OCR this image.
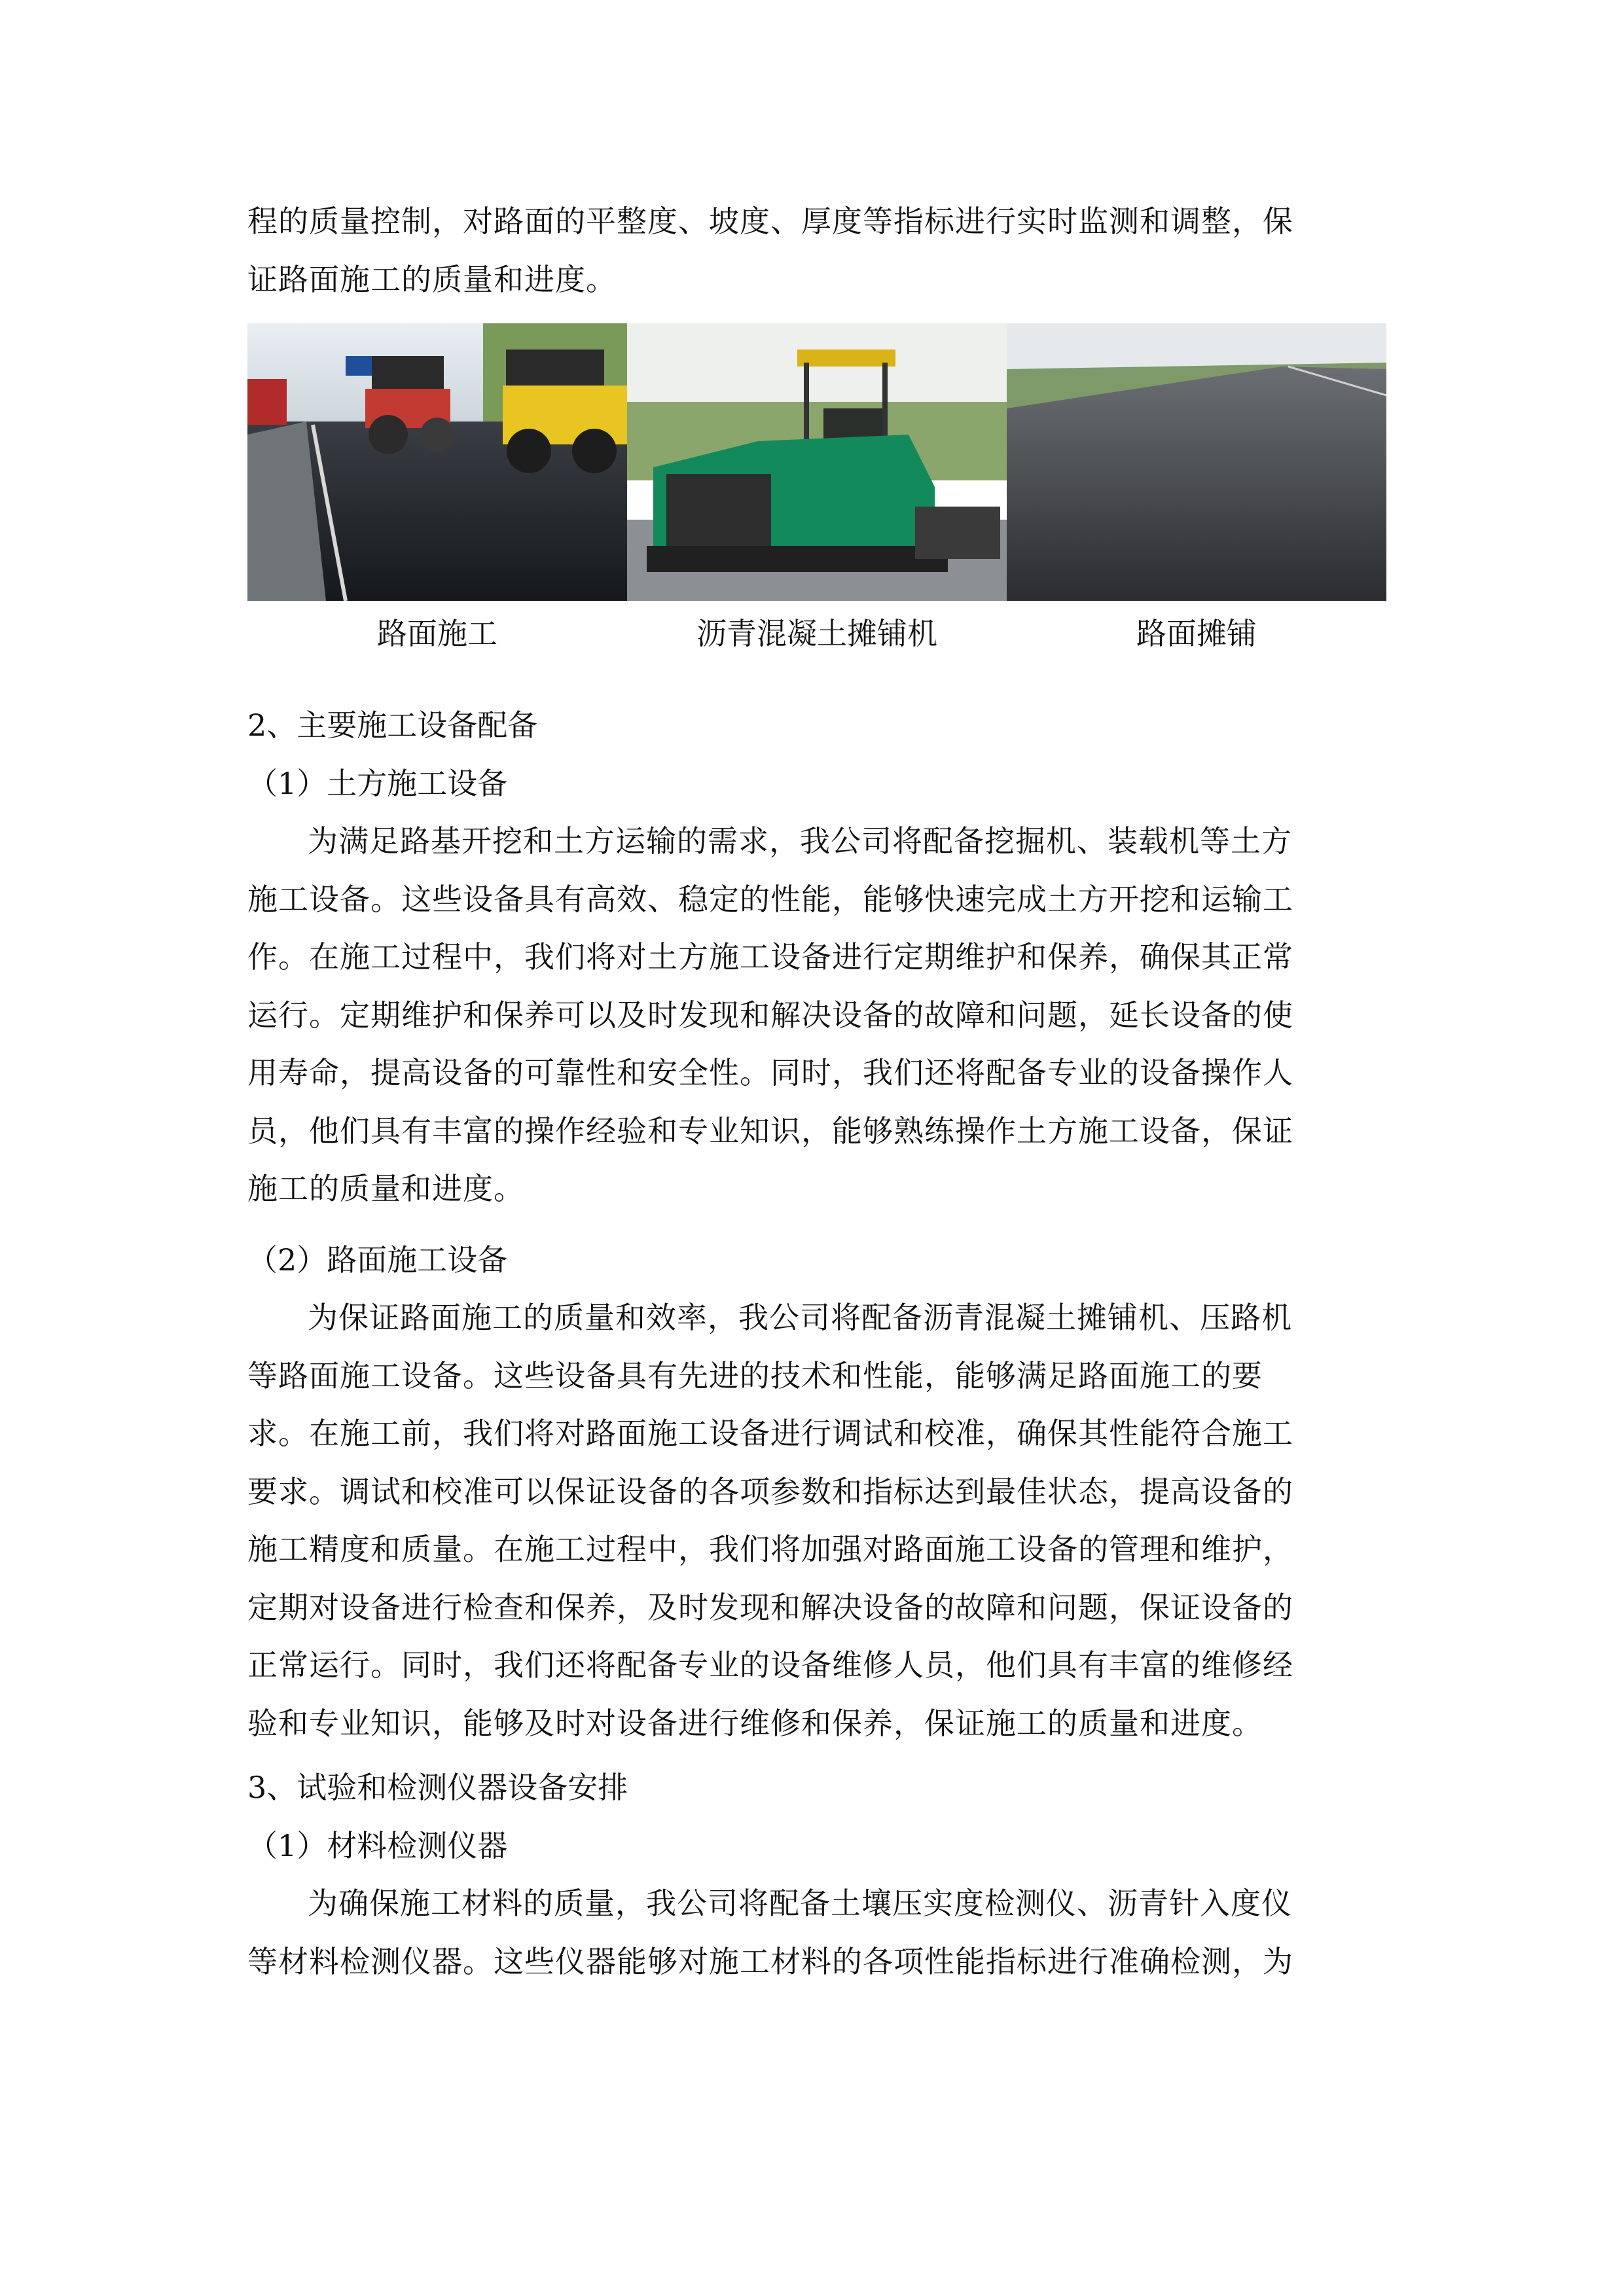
程的质量控制，对路面的平整度、坡度、厚度等指标进行实时监测和调整，保

证路面施工的质量和进度。

路面施工	沥青混凝土摊铺机	路面摊铺

2、主要施工设备配备

（1）土方施工设备

为满足路基开挖和土方运输的需求，我公司将配备挖掘机、装载机等土方

施工设备。这些设备具有高效、稳定的性能，能够快速完成土方开挖和运输工

作。在施工过程中，我们将对土方施工设备进行定期维护和保养，确保其正常

运行。定期维护和保养可以及时发现和解决设备的故障和问题，延长设备的使

用寿命，提高设备的可靠性和安全性。同时，我们还将配备专业的设备操作人

员，他们具有丰富的操作经验和专业知识，能够熟练操作土方施工设备，保证

施工的质量和进度。

（2）路面施工设备

为保证路面施工的质量和效率，我公司将配备沥青混凝土摊铺机、压路机

等路面施工设备。这些设备具有先进的技术和性能，能够满足路面施工的要

求。在施工前，我们将对路面施工设备进行调试和校准，确保其性能符合施工

要求。调试和校准可以保证设备的各项参数和指标达到最佳状态，提高设备的

施工精度和质量。在施工过程中，我们将加强对路面施工设备的管理和维护，

定期对设备进行检查和保养，及时发现和解决设备的故障和问题，保证设备的

正常运行。同时，我们还将配备专业的设备维修人员，他们具有丰富的维修经

验和专业知识，能够及时对设备进行维修和保养，保证施工的质量和进度。

3、试验和检测仪器设备安排

（1）材料检测仪器

为确保施工材料的质量，我公司将配备土壤压实度检测仪、沥青针入度仪

等材料检测仪器。这些仪器能够对施工材料的各项性能指标进行准确检测，为
